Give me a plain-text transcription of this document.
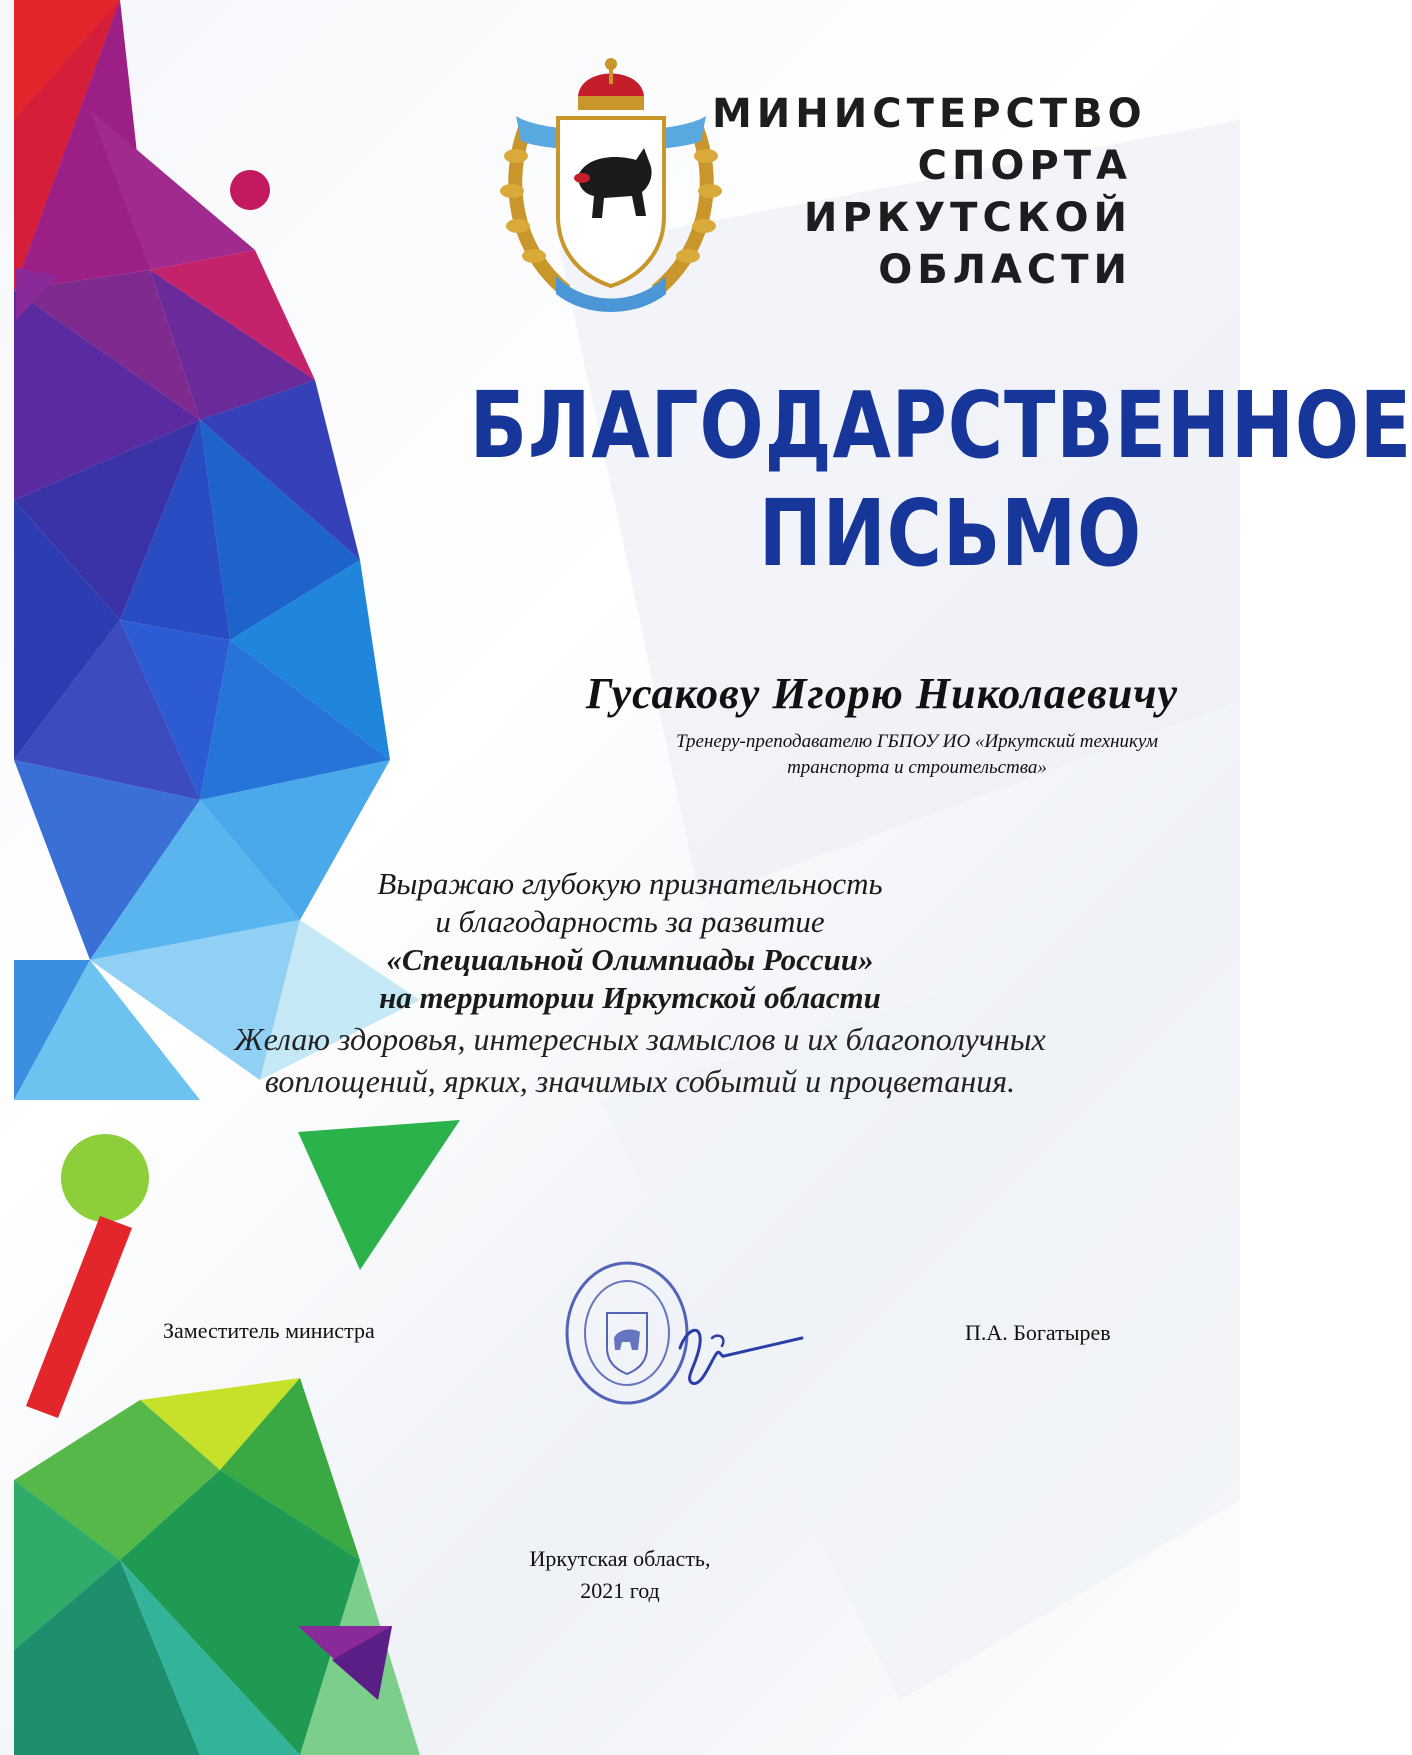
МИНИСТЕРСТВО
СПОРТА
ИРКУТСКОЙ
ОБЛАСТИ
БЛАГОДАРСТВЕННОЕ
ПИСЬМО
Гусакову Игорю Николаевичу
Тренеру-преподавателю ГБПОУ ИО «Иркутский техникум
транспорта и строительства»
Выражаю глубокую признательность
и благодарность за развитие
«Специальной Олимпиады России»
на территории Иркутской области
Желаю здоровья, интересных замыслов и их благополучных
воплощений, ярких, значимых событий и процветания.
Заместитель министра	П.А. Богатырев
Иркутская область,
2021 год
